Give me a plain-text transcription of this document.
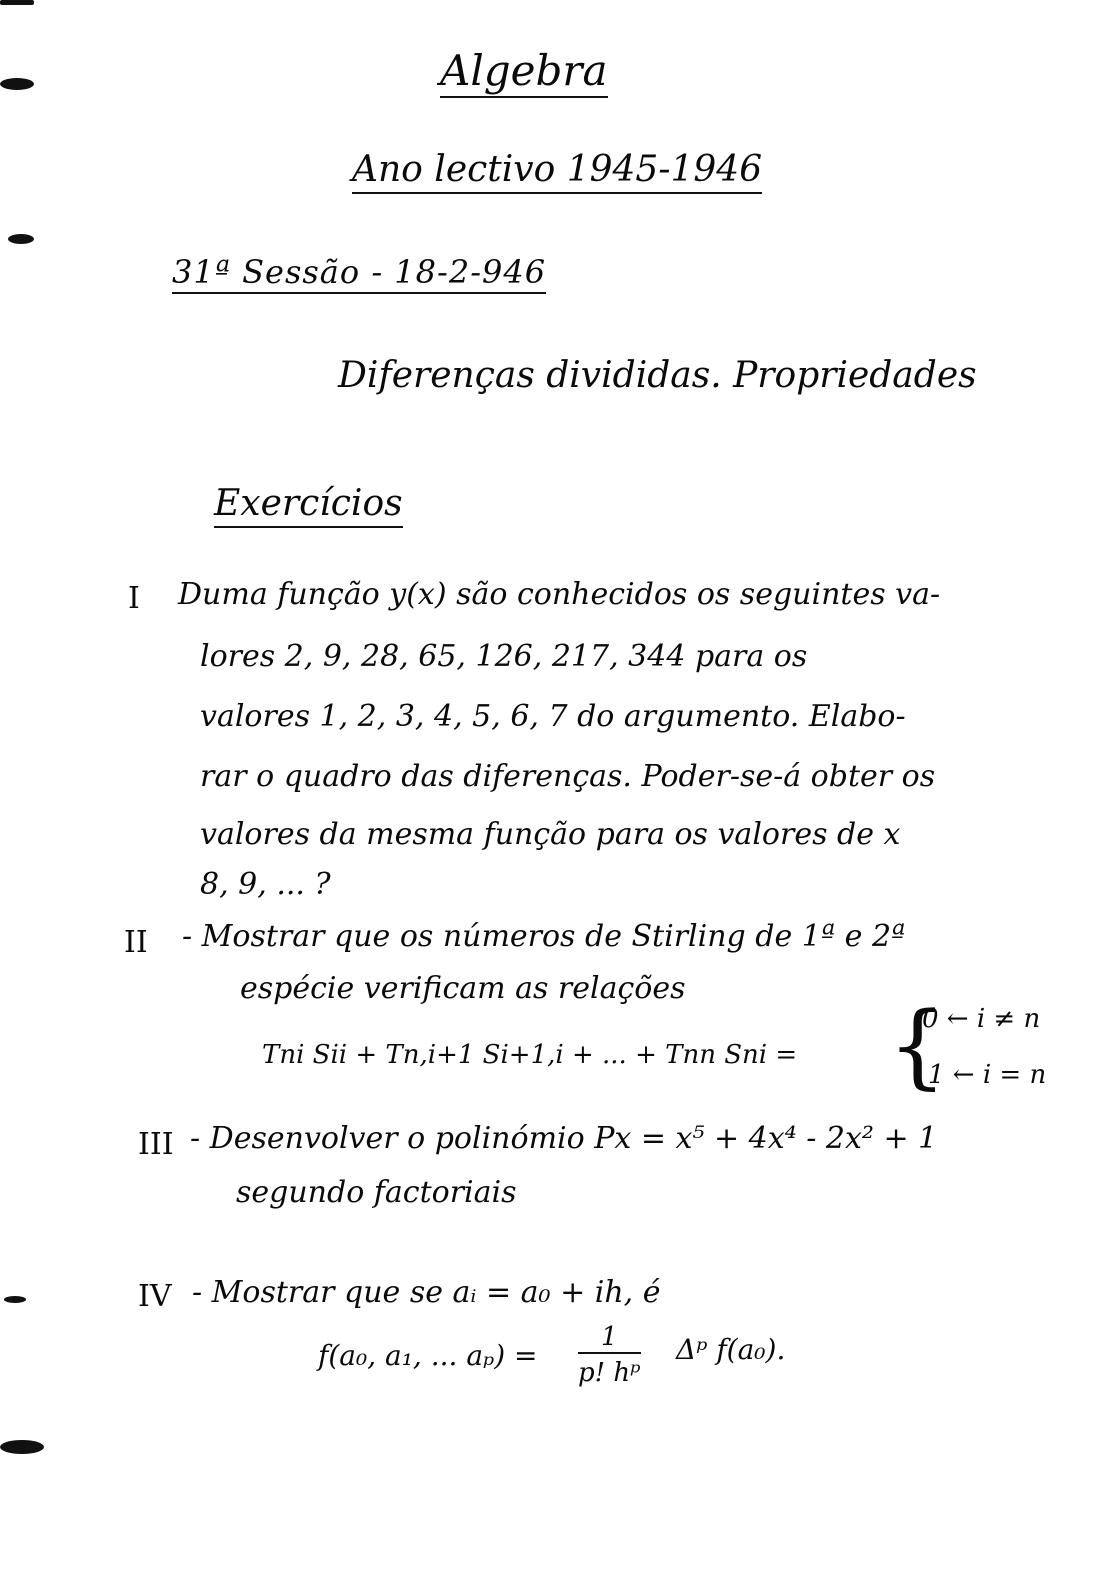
Algebra
Ano lectivo 1945-1946
31ª Sessão - 18-2-946
Diferenças divididas. Propriedades
Exercícios
I Duma função y(x) são conhecidos os seguintes va-
lores 2, 9, 28, 65, 126, 217, 344 para os
valores 1, 2, 3, 4, 5, 6, 7 do argumento. Elabo-
rar o quadro das diferenças. Poder-se-á obter os
valores da mesma função para os valores de x
8, 9, ... ?
II - Mostrar que os números de Stirling de 1ª e 2ª
espécie verificam as relações
Tni Sii + Tn,i+1 Si+1,i + ... + Tnn Sni = {
0 ← i ≠ n
1 ← i = n
III - Desenvolver o polinómio Px = x⁵ + 4x⁴ - 2x² + 1
segundo factoriais
IV - Mostrar que se aᵢ = a₀ + ih, é
f(a₀, a₁, ... $a_p) = \frac{1}{\text{p! hᵖ}}$ Δᵖ f(a₀).
